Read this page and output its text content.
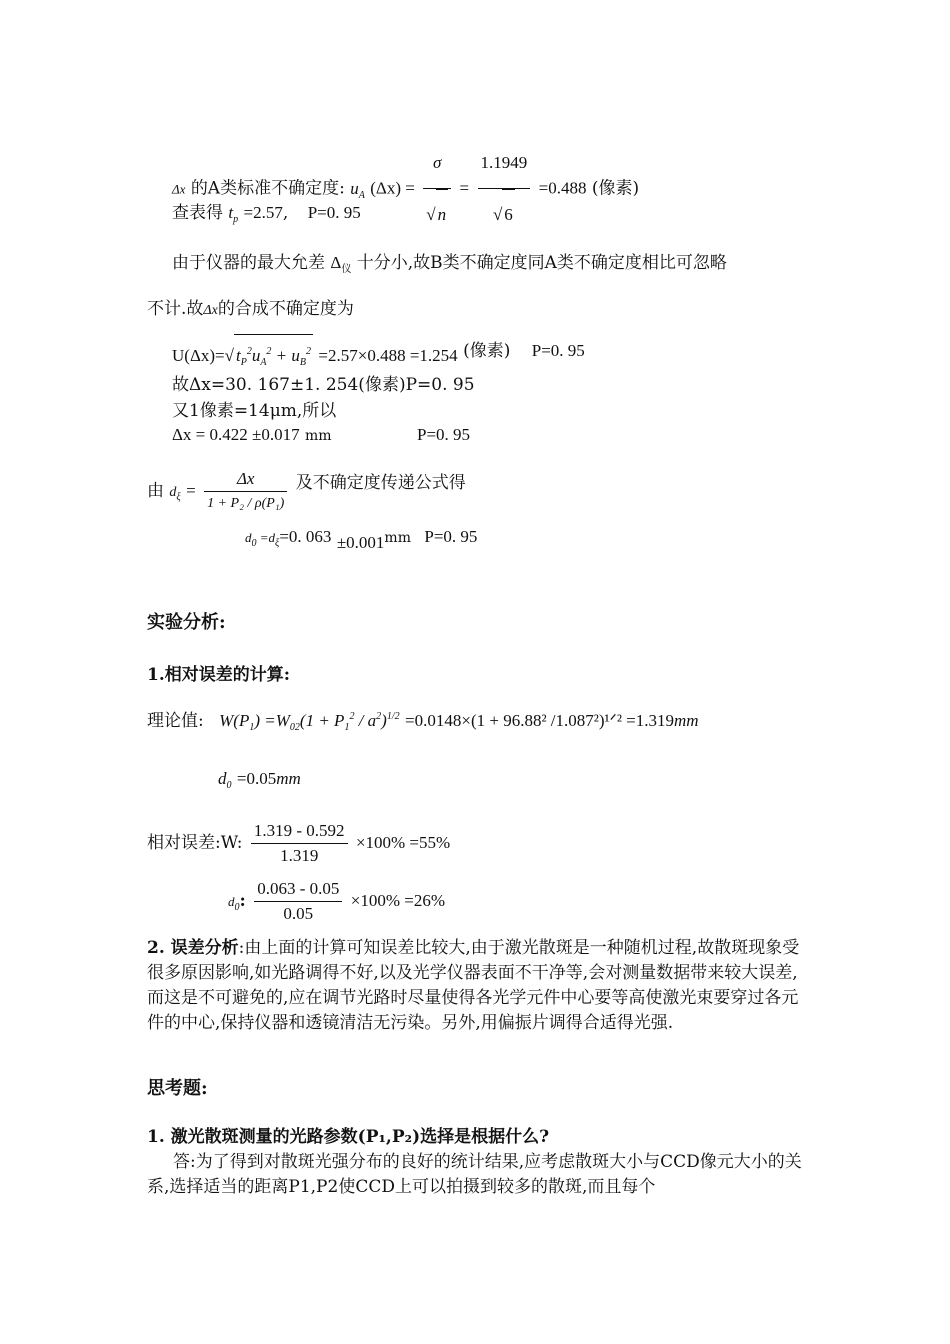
Δx 的A类标准不确定度: $u_A$ $(\Delta x) = \frac{\sigma}{√ n} = \frac{1.1949}{√ 6} =0.488$ (像素)
查表得 $t_p =2.57$, P=0. 95
由于仪器的最大允差 $\Delta_仪$ 十分小,故B类不确定度同A类不确定度相比可忽略
不计.故Δx的合成不确定度为
U(Δx)=√ $t_P^2u_A^2 + u_B^2 =2.57\times 0.488 =1.254$ (像素) P=0. 95
故Δx=30. 167±1. 254(像素)P=0. 95
又1像素=14μm,所以
Δx = 0.422 ±0.017 mm	P=0. 95
由 $d_\xi = \frac{\Delta x}{\text{1 + P₂ / ρ(P₁)}}$ 及不确定度传递公式得
$d_0 =d_\xi=0$. 063 ±0.001mm P=0. 95
实验分析:
1.相对误差的计算:
理论值: $W(P_1) =W_{02}(1 + P_1^2 / a^2)^{1/2} =0.0148\times(1 + 96.88^2$ /1.087²)¹ᐟ² =1.319mm
$d_0 =0.05mm$
相对误差:W: $\frac{1.319 - 0.592}{1.319} \times 100\% =55\%$
$d_0$: $\frac{0.063 - 0.05}{0.05} \times 100\% =26\%$
2. 误差分析:由上面的计算可知误差比较大,由于激光散斑是一种随机过程,故散斑现象受很多原因影响,如光路调得不好,以及光学仪器表面不干净等,会对测量数据带来较大误差,而这是不可避免的,应在调节光路时尽量使得各光学元件中心要等高使激光束要穿过各元件的中心,保持仪器和透镜清洁无污染。另外,用偏振片调得合适得光强.
思考题:
1. 激光散斑测量的光路参数(P₁,P₂)选择是根据什么?
答:为了得到对散斑光强分布的良好的统计结果,应考虑散斑大小与CCD像元大小的关系,选择适当的距离P1,P2使CCD上可以拍摄到较多的散斑,而且每个
